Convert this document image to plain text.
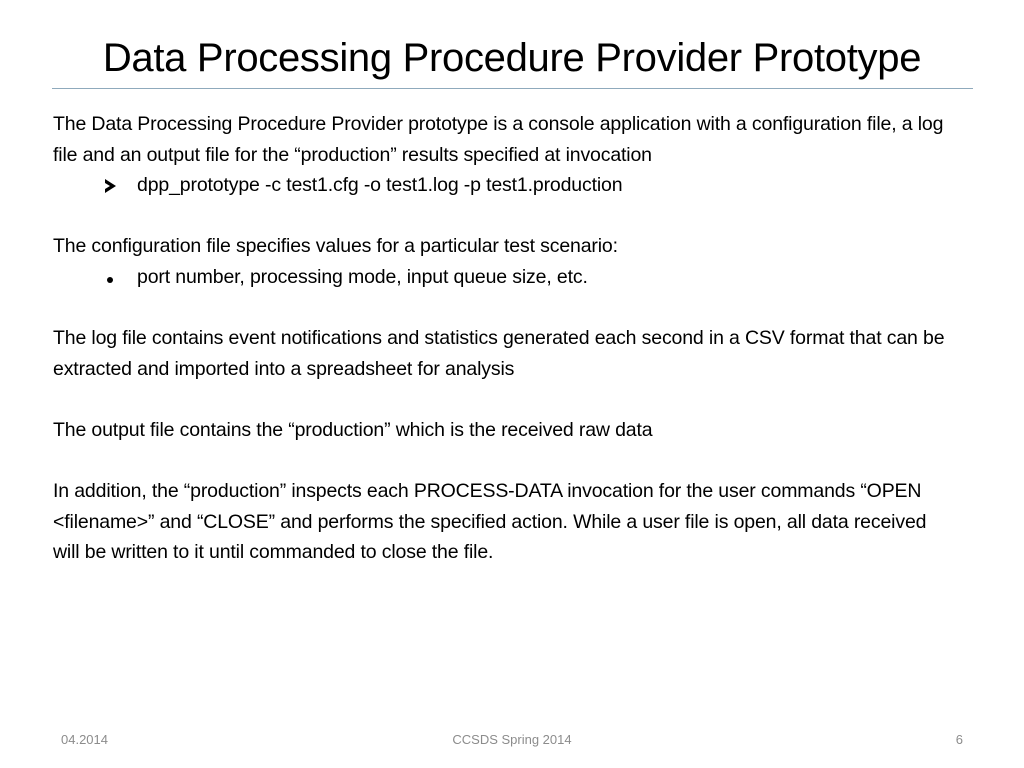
Data Processing Procedure Provider Prototype

The Data Processing Procedure Provider prototype is a console application with a configuration file, a log file and an output file for the “production” results specified at invocation

dpp_prototype -c test1.cfg -o test1.log -p test1.production

The configuration file specifies values for a particular test scenario:

port number, processing mode, input queue size, etc.

The log file contains event notifications and statistics generated each second in a CSV format that can be extracted and imported into a spreadsheet for analysis

The output file contains the “production” which is the received raw data

In addition, the “production” inspects each PROCESS-DATA invocation for the user commands “OPEN <filename>” and “CLOSE” and performs the specified action. While a user file is open, all data received will be written to it until commanded to close the file.

04.2014	CCSDS Spring 2014	6
